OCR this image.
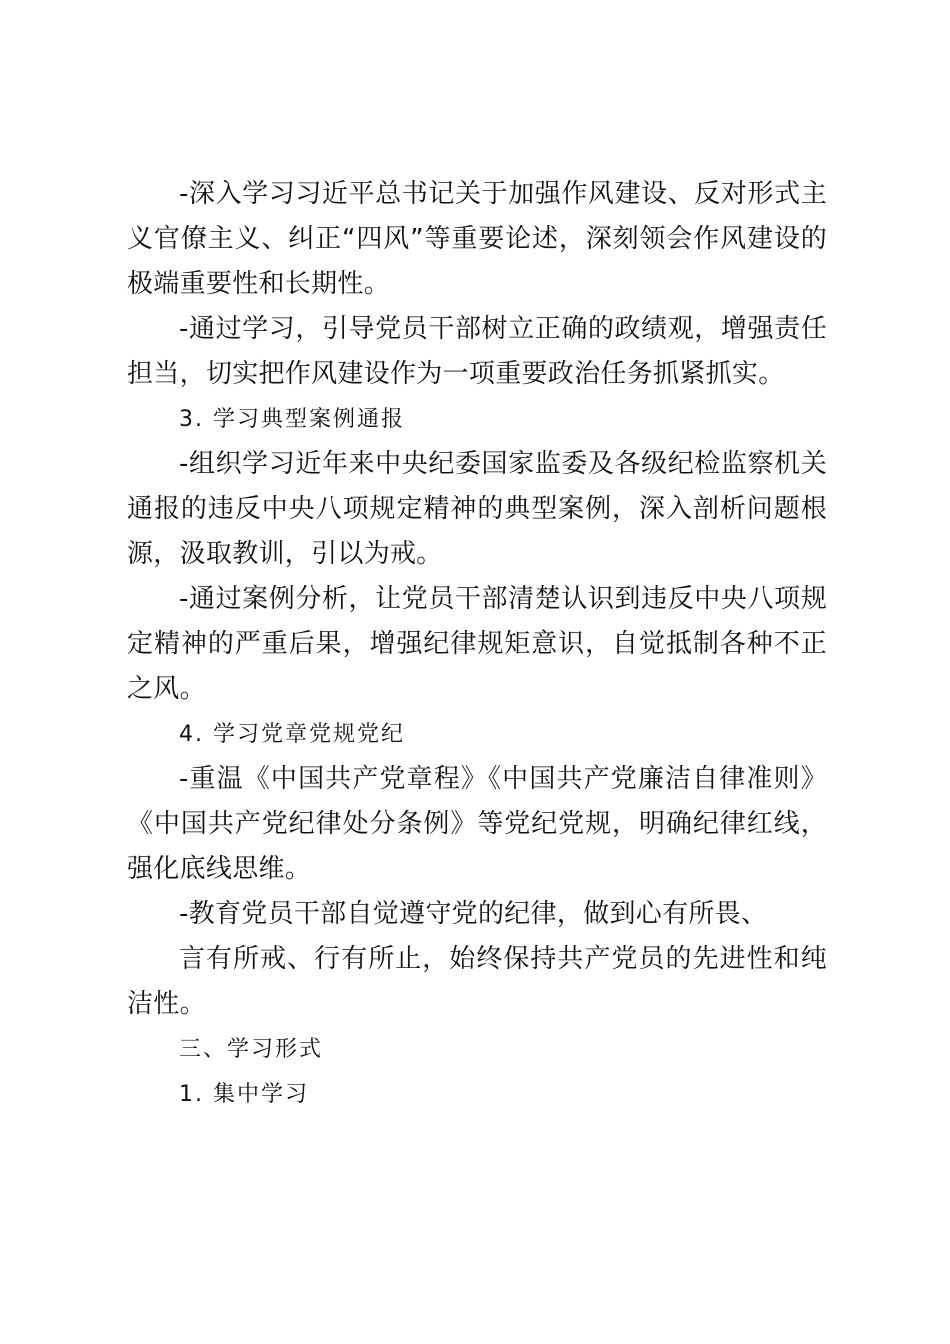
-深入学习习近平总书记关于加强作风建设、反对形式主义官僚主义、纠正“四风”等重要论述，深刻领会作风建设的极端重要性和长期性。

-通过学习，引导党员干部树立正确的政绩观，增强责任担当，切实把作风建设作为一项重要政治任务抓紧抓实。

3. 学习典型案例通报

-组织学习近年来中央纪委国家监委及各级纪检监察机关通报的违反中央八项规定精神的典型案例，深入剖析问题根源，汲取教训，引以为戒。

-通过案例分析，让党员干部清楚认识到违反中央八项规定精神的严重后果，增强纪律规矩意识，自觉抵制各种不正之风。

4. 学习党章党规党纪

-重温《中国共产党章程》《中国共产党廉洁自律准则》《中国共产党纪律处分条例》等党纪党规，明确纪律红线，强化底线思维。

-教育党员干部自觉遵守党的纪律，做到心有所畏、

言有所戒、行有所止，始终保持共产党员的先进性和纯洁性。

三、学习形式

1. 集中学习
